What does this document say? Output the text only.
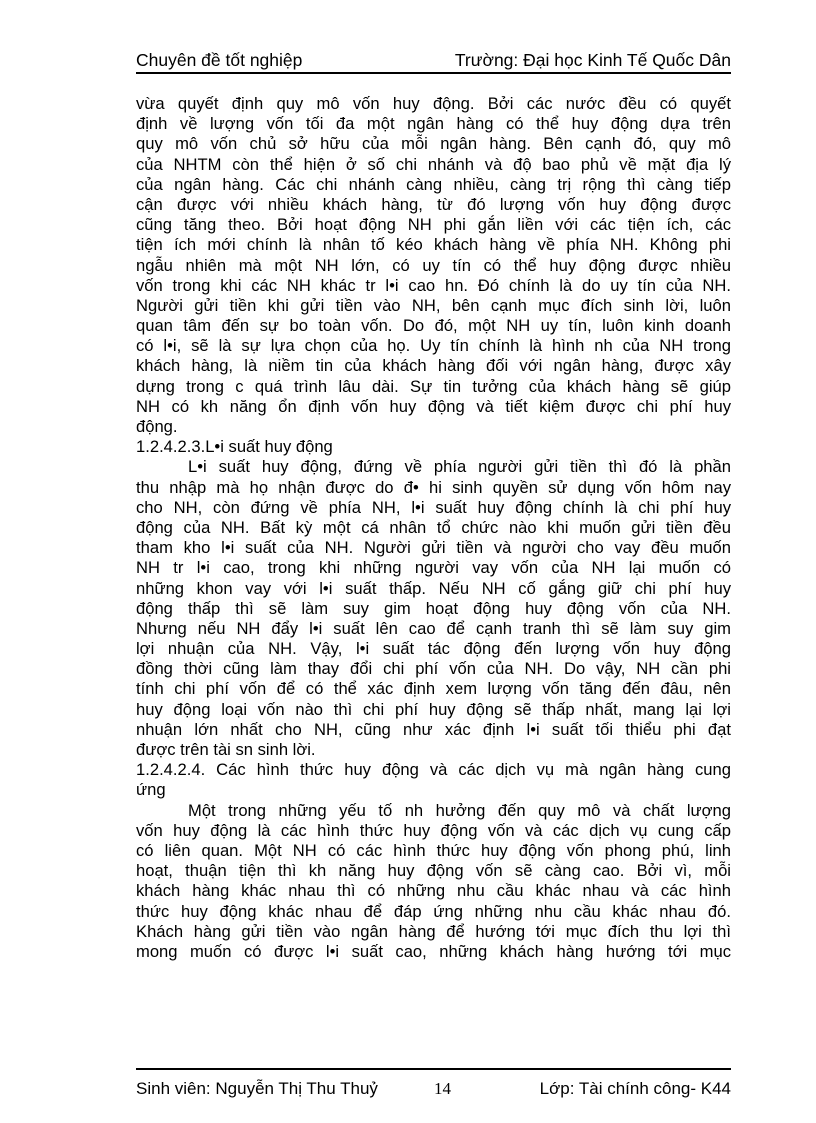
Chuyên đề tốt nghiệp	Trường: Đại học Kinh Tế Quốc Dân
vừa quyết định quy mô vốn huy động. Bởi các nước đều có quyết
định về lượng vốn tối đa một ngân hàng có thể huy động dựa trên
quy mô vốn chủ sở hữu của mỗi ngân hàng. Bên cạnh đó, quy mô
của NHTM còn thể hiện ở số chi nhánh và độ bao phủ về mặt địa lý
của ngân hàng. Các chi nhánh càng nhiều, càng trị rộng thì càng tiếp
cận được với nhiều khách hàng, từ đó lượng vốn huy động được
cũng tăng theo. Bởi hoạt động NH phi gắn liền với các tiện ích, các
tiện ích mới chính là nhân tố kéo khách hàng về phía NH. Không phi
ngẫu nhiên mà một NH lớn, có uy tín có thể huy động được nhiều
vốn trong khi các NH khác tr l•i cao hn. Đó chính là do uy tín của NH.
Người gửi tiền khi gửi tiền vào NH, bên cạnh mục đích sinh lời, luôn
quan tâm đến sự bo toàn vốn. Do đó, một NH uy tín, luôn kinh doanh
có l•i, sẽ là sự lựa chọn của họ. Uy tín chính là hình nh của NH trong
khách hàng, là niềm tin của khách hàng đối với ngân hàng, được xây
dựng trong c quá trình lâu dài. Sự tin tưởng của khách hàng sẽ giúp
NH có kh năng ổn định vốn huy động và tiết kiệm được chi phí huy
động.
1.2.4.2.3.L•i suất huy động
L•i suất huy động, đứng về phía người gửi tiền thì đó là phần
thu nhập mà họ nhận được do đ• hi sinh quyền sử dụng vốn hôm nay
cho NH, còn đứng về phía NH, l•i suất huy động chính là chi phí huy
động của NH. Bất kỳ một cá nhân tổ chức nào khi muốn gửi tiền đều
tham kho l•i suất của NH. Người gửi tiền và người cho vay đều muốn
NH tr l•i cao, trong khi những người vay vốn của NH lại muốn có
những khon vay với l•i suất thấp. Nếu NH cố gắng giữ chi phí huy
động thấp thì sẽ làm suy gim hoạt động huy động vốn của NH.
Nhưng nếu NH đẩy l•i suất lên cao để cạnh tranh thì sẽ làm suy gim
lợi nhuận của NH. Vậy, l•i suất tác động đến lượng vốn huy động
đồng thời cũng làm thay đổi chi phí vốn của NH. Do vậy, NH cần phi
tính chi phí vốn để có thể xác định xem lượng vốn tăng đến đâu, nên
huy động loại vốn nào thì chi phí huy động sẽ thấp nhất, mang lại lợi
nhuận lớn nhất cho NH, cũng như xác định l•i suất tối thiểu phi đạt
được trên tài sn sinh lời.
1.2.4.2.4. Các hình thức huy động và các dịch vụ mà ngân hàng cung
ứng
Một trong những yếu tố nh hưởng đến quy mô và chất lượng
vốn huy động là các hình thức huy động vốn và các dịch vụ cung cấp
có liên quan. Một NH có các hình thức huy động vốn phong phú, linh
hoạt, thuận tiện thì kh năng huy động vốn sẽ càng cao. Bởi vì, mỗi
khách hàng khác nhau thì có những nhu cầu khác nhau và các hình
thức huy động khác nhau để đáp ứng những nhu cầu khác nhau đó.
Khách hàng gửi tiền vào ngân hàng để hướng tới mục đích thu lợi thì
mong muốn có được l•i suất cao, những khách hàng hướng tới mục
Sinh viên: Nguyễn Thị Thu Thuỷ	14	Lớp: Tài chính công- K44
